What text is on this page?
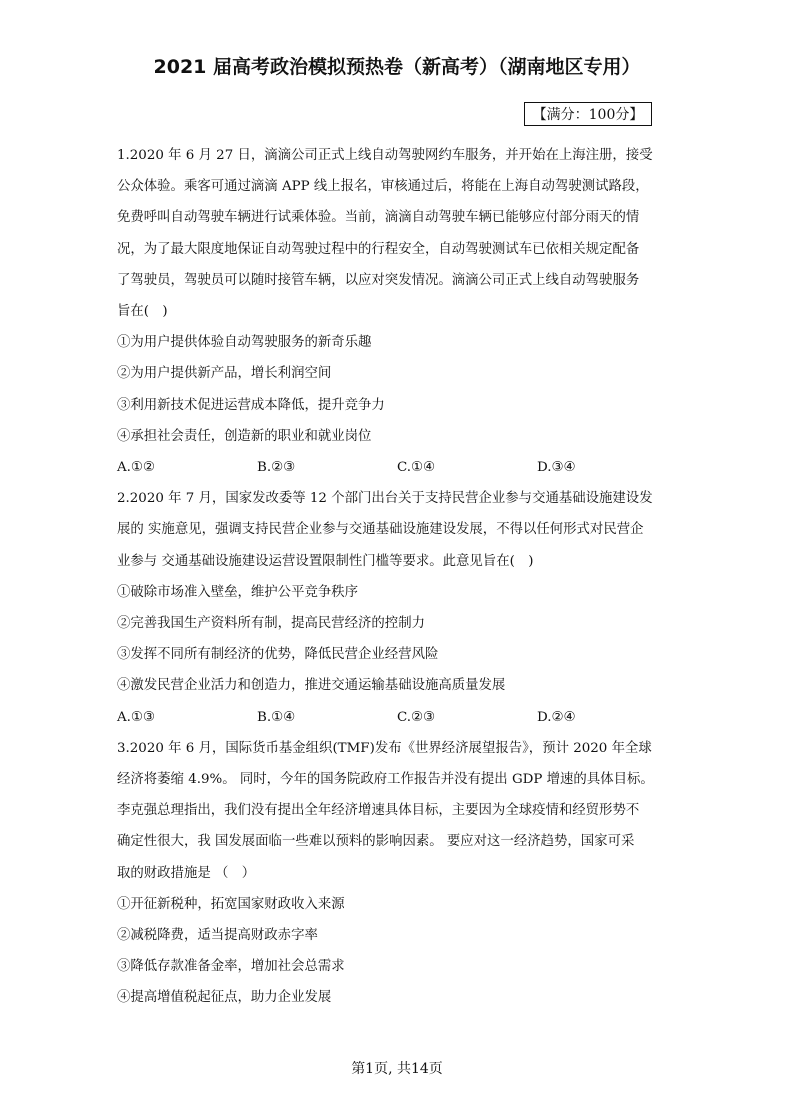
2021 届高考政治模拟预热卷（新高考）（湖南地区专用）
【满分：100分】

1.2020 年 6 月 27 日，滴滴公司正式上线自动驾驶网约车服务，并开始在上海注册，接受

公众体验。乘客可通过滴滴 APP 线上报名，审核通过后，将能在上海自动驾驶测试路段，

免费呼叫自动驾驶车辆进行试乘体验。当前，滴滴自动驾驶车辆已能够应付部分雨天的情

况，为了最大限度地保证自动驾驶过程中的行程安全，自动驾驶测试车已依相关规定配备

了驾驶员，驾驶员可以随时接管车辆，以应对突发情况。滴滴公司正式上线自动驾驶服务

旨在(　)

①为用户提供体验自动驾驶服务的新奇乐趣

②为用户提供新产品，增长利润空间

③利用新技术促进运营成本降低，提升竞争力

④承担社会责任，创造新的职业和就业岗位

A.①②	B.②③	C.①④	D.③④

2.2020 年 7 月，国家发改委等 12 个部门出台关于支持民营企业参与交通基础设施建设发

展的 实施意见，强调支持民营企业参与交通基础设施建设发展，不得以任何形式对民营企

业参与 交通基础设施建设运营设置限制性门槛等要求。此意见旨在(　)

①破除市场准入壁垒，维护公平竞争秩序

②完善我国生产资料所有制，提高民营经济的控制力

③发挥不同所有制经济的优势，降低民营企业经营风险

④激发民营企业活力和创造力，推进交通运输基础设施高质量发展

A.①③	B.①④	C.②③	D.②④

3.2020 年 6 月，国际货币基金组织(TMF)发布《世界经济展望报告》，预计 2020 年全球

经济将萎缩 4.9%。 同时，今年的国务院政府工作报告并没有提出 GDP 增速的具体目标。

李克强总理指出，我们没有提出全年经济增速具体目标，主要因为全球疫情和经贸形势不

确定性很大，我 国发展面临一些难以预料的影响因素。 要应对这一经济趋势，国家可采

取的财政措施是 （　）

①开征新税种，拓宽国家财政收入来源

②减税降费，适当提高财政赤字率

③降低存款准备金率，增加社会总需求

④提高增值税起征点，助力企业发展

第1页, 共14页
